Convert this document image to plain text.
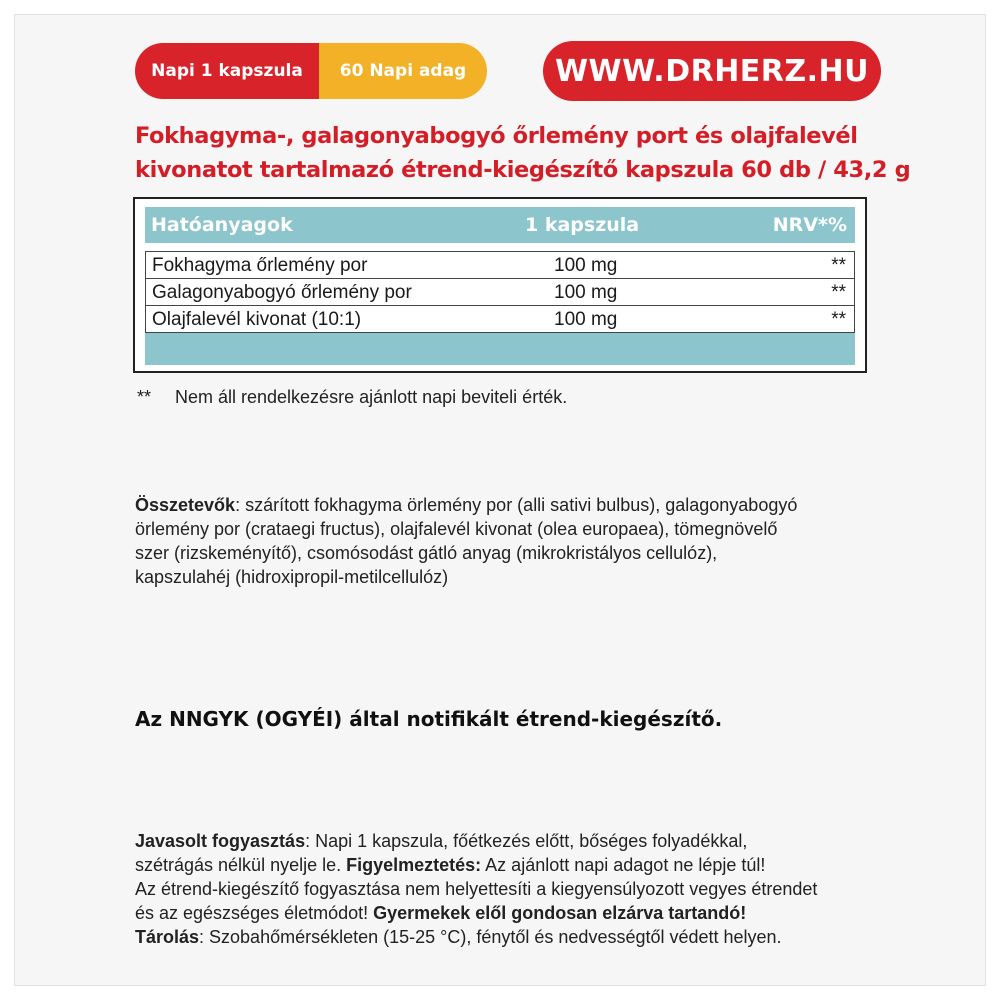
Napi 1 kapszula	60 Napi adag	WWW.DRHERZ.HU
Fokhagyma-, galagonyabogyó őrlemény port és olajfalevél
kivonatot tartalmazó étrend-kiegészítő kapszula 60 db / 43,2 g
Hatóanyagok	1 kapszula	NRV*%
Fokhagyma őrlemény por	100 mg	**
Galagonyabogyó őrlemény por	100 mg	**
Olajfalevél kivonat (10:1)	100 mg	**
** Nem áll rendelkezésre ajánlott napi beviteli érték.
Összetevők: szárított fokhagyma örlemény por (alli sativi bulbus), galagonyabogyó
örlemény por (crataegi fructus), olajfalevél kivonat (olea europaea), tömegnövelő
szer (rizskeményítő), csomósodást gátló anyag (mikrokristályos cellulóz),
kapszulahéj (hidroxipropil-metilcellulóz)
Az NNGYK (OGYÉI) által notifikált étrend-kiegészítő.
Javasolt fogyasztás: Napi 1 kapszula, főétkezés előtt, bőséges folyadékkal,
szétrágás nélkül nyelje le. Figyelmeztetés: Az ajánlott napi adagot ne lépje túl!
Az étrend-kiegészítő fogyasztása nem helyettesíti a kiegyensúlyozott vegyes étrendet
és az egészséges életmódot! Gyermekek elől gondosan elzárva tartandó!
Tárolás: Szobahőmérsékleten (15-25 °C), fénytől és nedvességtől védett helyen.
